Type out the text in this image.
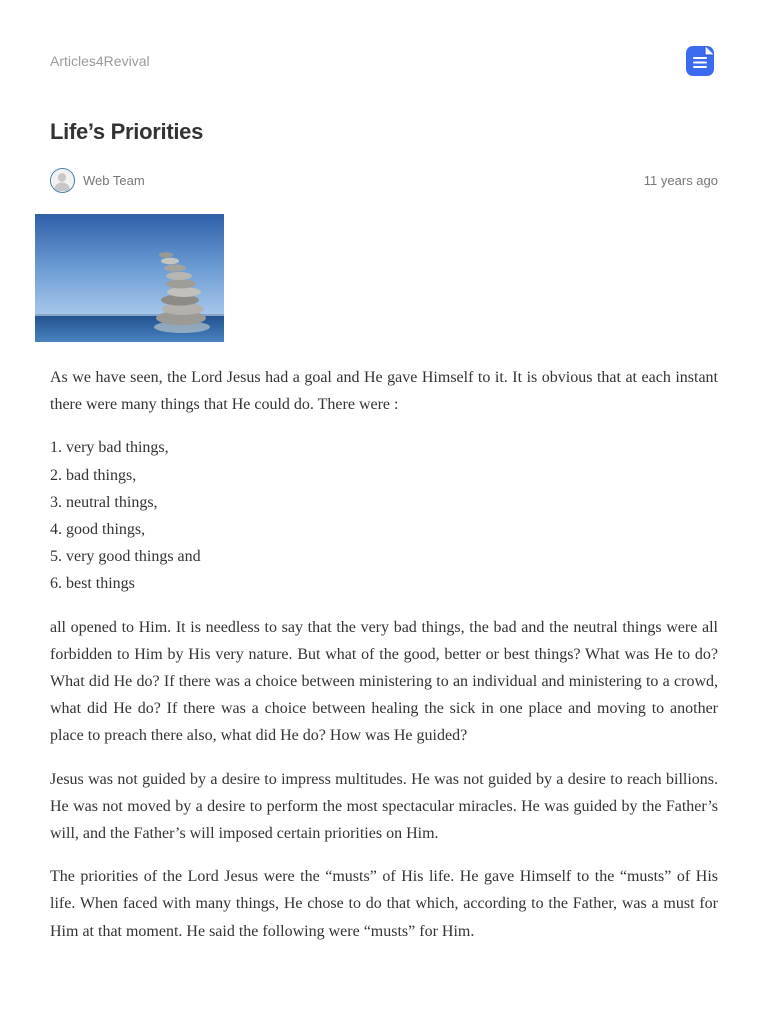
Articles4Revival
Life’s Priorities
Web Team	11 years ago

As we have seen, the Lord Jesus had a goal and He gave Himself to it. It is obvious that at each instant there were many things that He could do. There were :

1. very bad things,
2. bad things,
3. neutral things,
4. good things,
5. very good things and
6. best things

all opened to Him. It is needless to say that the very bad things, the bad and the neutral things were all forbidden to Him by His very nature. But what of the good, better or best things? What was He to do? What did He do? If there was a choice between ministering to an individual and ministering to a crowd, what did He do? If there was a choice between healing the sick in one place and moving to another place to preach there also, what did He do? How was He guided?

Jesus was not guided by a desire to impress multitudes. He was not guided by a desire to reach billions. He was not moved by a desire to perform the most spectacular miracles. He was guided by the Father’s will, and the Father’s will imposed certain priorities on Him.

The priorities of the Lord Jesus were the “musts” of His life. He gave Himself to the “musts” of His life. When faced with many things, He chose to do that which, according to the Father, was a must for Him at that moment. He said the following were “musts” for Him.
